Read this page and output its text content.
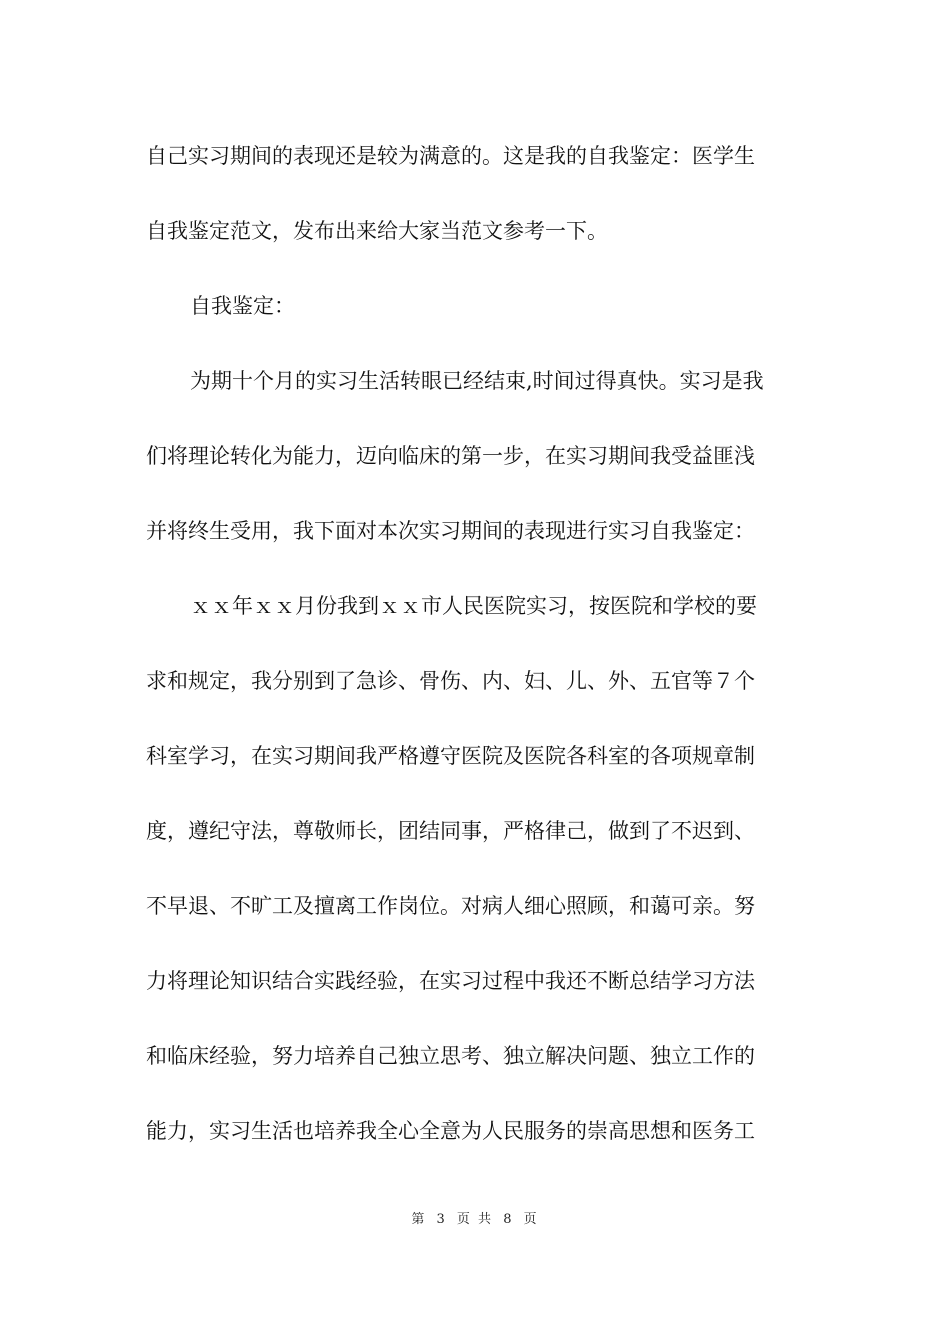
自己实习期间的表现还是较为满意的。这是我的自我鉴定：医学生
自我鉴定范文，发布出来给大家当范文参考一下。
自我鉴定：
为期十个月的实习生活转眼已经结束,时间过得真快。实习是我
们将理论转化为能力，迈向临床的第一步，在实习期间我受益匪浅
并将终生受用，我下面对本次实习期间的表现进行实习自我鉴定：
ｘｘ年ｘｘ月份我到ｘｘ市人民医院实习，按医院和学校的要
求和规定，我分别到了急诊、骨伤、内、妇、儿、外、五官等７个
科室学习，在实习期间我严格遵守医院及医院各科室的各项规章制
度，遵纪守法，尊敬师长，团结同事，严格律己，做到了不迟到、
不早退、不旷工及擅离工作岗位。对病人细心照顾，和蔼可亲。努
力将理论知识结合实践经验，在实习过程中我还不断总结学习方法
和临床经验，努力培养自己独立思考、独立解决问题、独立工作的
能力，实习生活也培养我全心全意为人民服务的崇高思想和医务工
第 3 页 共 8 页
